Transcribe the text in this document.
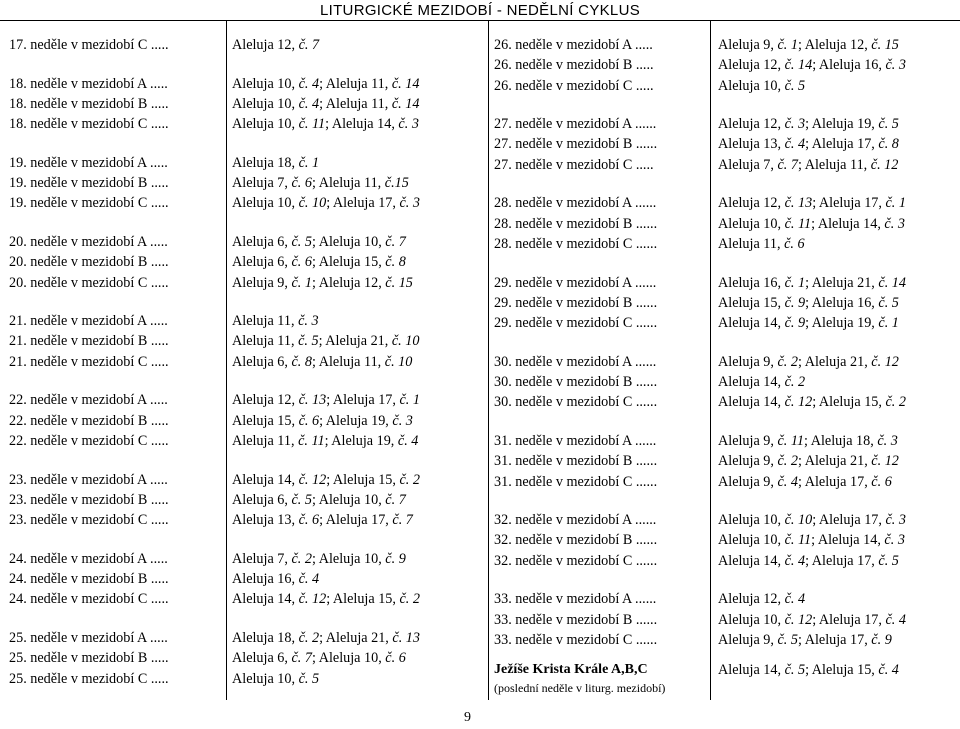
LITURGICKÉ MEZIDOBÍ - NEDĚLNÍ CYKLUS
17. neděle v mezidobí C .....
18. neděle v mezidobí A .....
18. neděle v mezidobí B .....
18. neděle v mezidobí C .....
19. neděle v mezidobí A .....
19. neděle v mezidobí B .....
19. neděle v mezidobí C .....
20. neděle v mezidobí A .....
20. neděle v mezidobí B .....
20. neděle v mezidobí C .....
21. neděle v mezidobí A .....
21. neděle v mezidobí B .....
21. neděle v mezidobí C .....
22. neděle v mezidobí A .....
22. neděle v mezidobí B .....
22. neděle v mezidobí C .....
23. neděle v mezidobí A .....
23. neděle v mezidobí B .....
23. neděle v mezidobí C .....
24. neděle v mezidobí A .....
24. neděle v mezidobí B .....
24. neděle v mezidobí C .....
25. neděle v mezidobí A .....
25. neděle v mezidobí B .....
25. neděle v mezidobí C .....
Aleluja 12, č. 7
Aleluja 10, č. 4; Aleluja 11, č. 14
Aleluja 10, č. 4; Aleluja 11, č. 14
Aleluja 10, č. 11; Aleluja 14, č. 3
Aleluja 18, č. 1
Aleluja 7, č. 6; Aleluja 11, č.15
Aleluja 10, č. 10; Aleluja 17, č. 3
Aleluja 6, č. 5; Aleluja 10, č. 7
Aleluja 6, č. 6; Aleluja 15, č. 8
Aleluja 9, č. 1; Aleluja 12, č. 15
Aleluja 11, č. 3
Aleluja 11, č. 5; Aleluja 21, č. 10
Aleluja 6, č. 8; Aleluja 11, č. 10
Aleluja 12, č. 13; Aleluja 17, č. 1
Aleluja 15, č. 6; Aleluja 19, č. 3
Aleluja 11, č. 11; Aleluja 19, č. 4
Aleluja 14, č. 12; Aleluja 15, č. 2
Aleluja 6, č. 5; Aleluja 10, č. 7
Aleluja 13, č. 6; Aleluja 17, č. 7
Aleluja 7, č. 2; Aleluja 10, č. 9
Aleluja 16, č. 4
Aleluja 14, č. 12; Aleluja 15, č. 2
Aleluja 18, č. 2; Aleluja 21, č. 13
Aleluja 6, č. 7; Aleluja 10, č. 6
Aleluja 10, č. 5
26. neděle v mezidobí A .....
26. neděle v mezidobí B .....
26. neděle v mezidobí C .....
27. neděle v mezidobí A ......
27. neděle v mezidobí B ......
27. neděle v mezidobí C .....
28. neděle v mezidobí A ......
28. neděle v mezidobí B ......
28. neděle v mezidobí C ......
29. neděle v mezidobí A ......
29. neděle v mezidobí B ......
29. neděle v mezidobí C ......
30. neděle v mezidobí A ......
30. neděle v mezidobí B ......
30. neděle v mezidobí C ......
31. neděle v mezidobí A ......
31. neděle v mezidobí B ......
31. neděle v mezidobí C ......
32. neděle v mezidobí A ......
32. neděle v mezidobí B ......
32. neděle v mezidobí C ......
33. neděle v mezidobí A ......
33. neděle v mezidobí B ......
33. neděle v mezidobí C ......
Ježíše Krista Krále A,B,C
(poslední neděle v liturg. mezidobí)
Aleluja 9, č. 1; Aleluja 12, č. 15
Aleluja 12, č. 14; Aleluja 16, č. 3
Aleluja 10, č. 5
Aleluja 12, č. 3; Aleluja 19, č. 5
Aleluja 13, č. 4; Aleluja 17, č. 8
Aleluja 7, č. 7; Aleluja 11, č. 12
Aleluja 12, č. 13; Aleluja 17, č. 1
Aleluja 10, č. 11; Aleluja 14, č. 3
Aleluja 11, č. 6
Aleluja 16, č. 1; Aleluja 21, č. 14
Aleluja 15, č. 9; Aleluja 16, č. 5
Aleluja 14, č. 9; Aleluja 19, č. 1
Aleluja 9, č. 2; Aleluja 21, č. 12
Aleluja 14, č. 2
Aleluja 14, č. 12; Aleluja 15, č. 2
Aleluja 9, č. 11; Aleluja 18, č. 3
Aleluja 9, č. 2; Aleluja 21, č. 12
Aleluja 9, č. 4; Aleluja 17, č. 6
Aleluja 10, č. 10; Aleluja 17, č. 3
Aleluja 10, č. 11; Aleluja 14, č. 3
Aleluja 14, č. 4; Aleluja 17, č. 5
Aleluja 12, č. 4
Aleluja 10, č. 12; Aleluja 17, č. 4
Aleluja 9, č. 5; Aleluja 17, č. 9
Aleluja 14, č. 5; Aleluja 15, č. 4
9
